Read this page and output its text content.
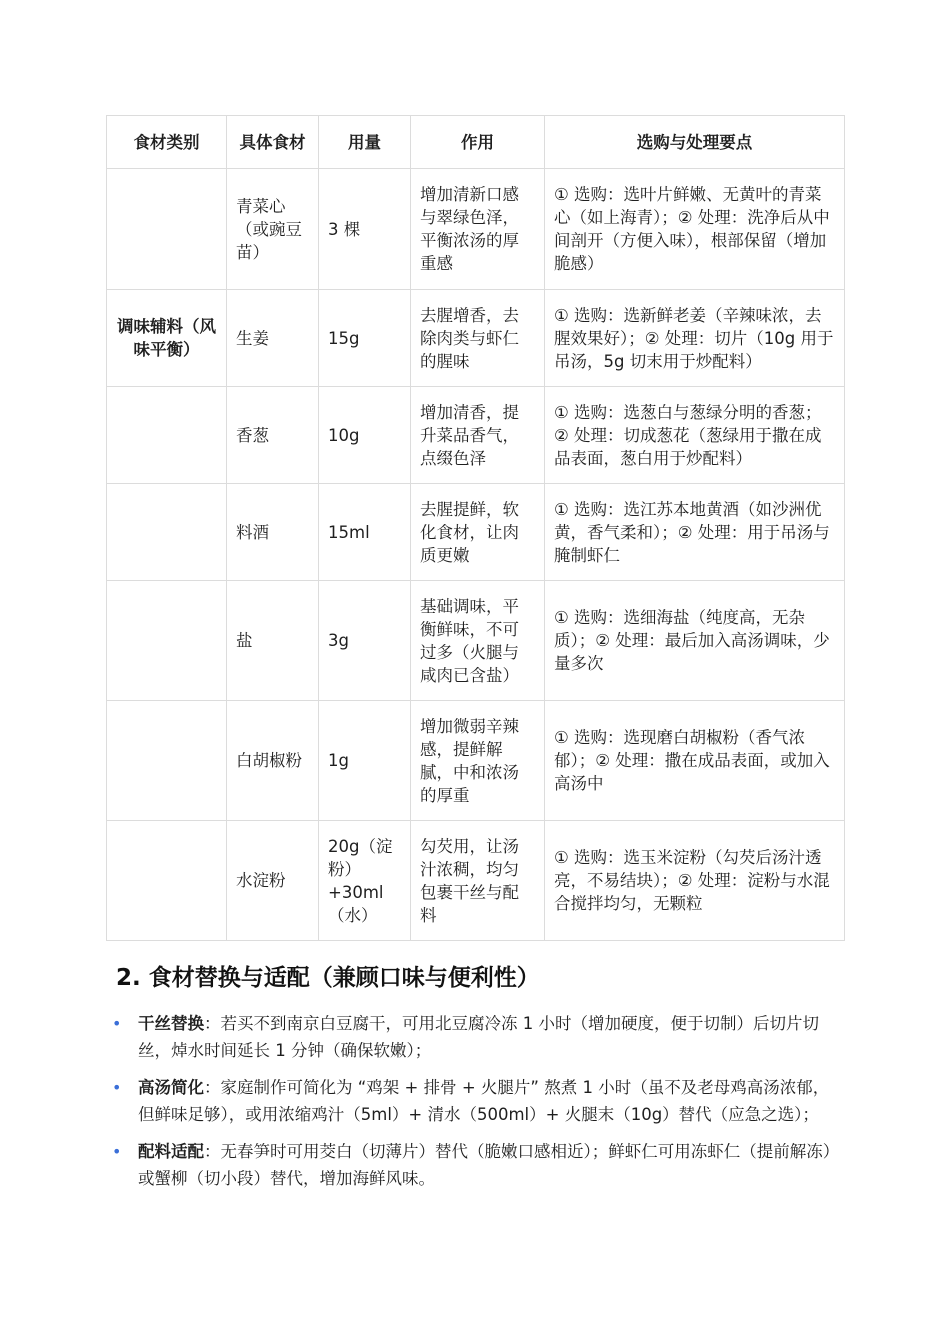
食材类别	具体食材	用量	作用	选购与处理要点
	青菜心（或豌豆苗）	3 棵	增加清新口感与翠绿色泽，平衡浓汤的厚重感	① 选购：选叶片鲜嫩、无黄叶的青菜心（如上海青）；② 处理：洗净后从中间剖开（方便入味），根部保留（增加脆感）
调味辅料（风味平衡）	生姜	15g	去腥增香，去除肉类与虾仁的腥味	① 选购：选新鲜老姜（辛辣味浓，去腥效果好）；② 处理：切片（10g 用于吊汤，5g 切末用于炒配料）
	香葱	10g	增加清香，提升菜品香气，点缀色泽	① 选购：选葱白与葱绿分明的香葱；② 处理：切成葱花（葱绿用于撒在成品表面，葱白用于炒配料）
	料酒	15ml	去腥提鲜，软化食材，让肉质更嫩	① 选购：选江苏本地黄酒（如沙洲优黄，香气柔和）；② 处理：用于吊汤与腌制虾仁
	盐	3g	基础调味，平衡鲜味，不可过多（火腿与咸肉已含盐）	① 选购：选细海盐（纯度高，无杂质）；② 处理：最后加入高汤调味，少量多次
	白胡椒粉	1g	增加微弱辛辣感，提鲜解腻，中和浓汤的厚重	① 选购：选现磨白胡椒粉（香气浓郁）；② 处理：撒在成品表面，或加入高汤中
	水淀粉	20g（淀粉）+30ml（水）	勾芡用，让汤汁浓稠，均匀包裹干丝与配料	① 选购：选玉米淀粉（勾芡后汤汁透亮，不易结块）；② 处理：淀粉与水混合搅拌均匀，无颗粒
2. 食材替换与适配（兼顾口味与便利性）
• 干丝替换：若买不到南京白豆腐干，可用北豆腐冷冻 1 小时（增加硬度，便于切制）后切片切丝，焯水时间延长 1 分钟（确保软嫩）；
• 高汤简化：家庭制作可简化为 “鸡架 + 排骨 + 火腿片” 熬煮 1 小时（虽不及老母鸡高汤浓郁，但鲜味足够），或用浓缩鸡汁（5ml）+ 清水（500ml）+ 火腿末（10g）替代（应急之选）；
• 配料适配：无春笋时可用茭白（切薄片）替代（脆嫩口感相近）；鲜虾仁可用冻虾仁（提前解冻）或蟹柳（切小段）替代，增加海鲜风味。
